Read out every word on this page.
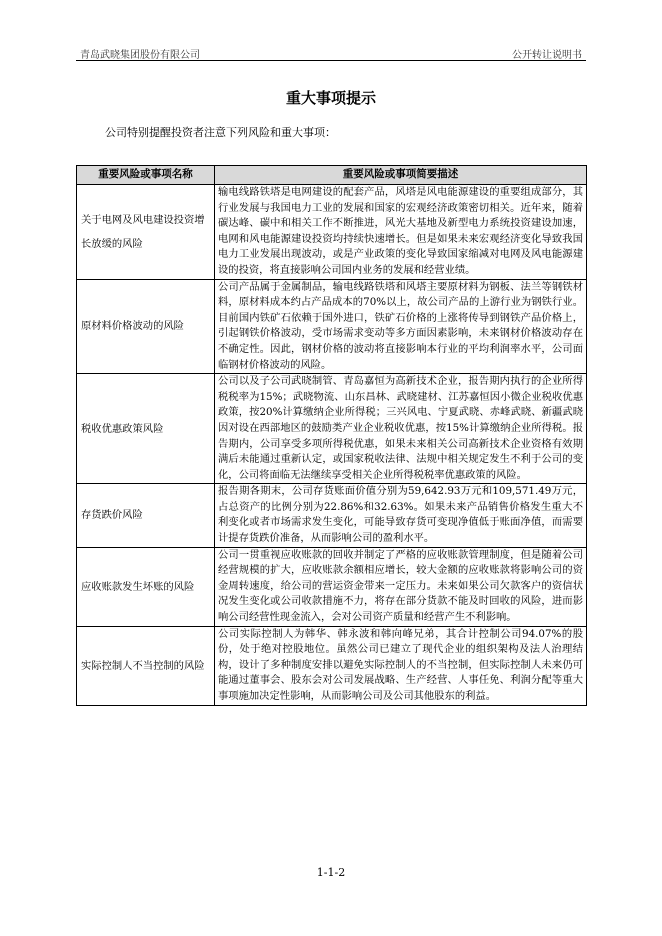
青岛武晓集团股份有限公司	公开转让说明书
重大事项提示
公司特别提醒投资者注意下列风险和重大事项：
重要风险或事项名称	重要风险或事项简要描述
关于电网及风电建设投资增长放缓的风险	输电线路铁塔是电网建设的配套产品，风塔是风电能源建设的重要组成部分，其行业发展与我国电力工业的发展和国家的宏观经济政策密切相关。近年来，随着碳达峰、碳中和相关工作不断推进，风光大基地及新型电力系统投资建设加速，电网和风电能源建设投资均持续快速增长。但是如果未来宏观经济变化导致我国电力工业发展出现波动，或是产业政策的变化导致国家缩减对电网及风电能源建设的投资，将直接影响公司国内业务的发展和经营业绩。
原材料价格波动的风险	公司产品属于金属制品，输电线路铁塔和风塔主要原材料为钢板、法兰等钢铁材料，原材料成本约占产品成本的70%以上，故公司产品的上游行业为钢铁行业。目前国内铁矿石依赖于国外进口，铁矿石价格的上涨将传导到钢铁产品价格上，引起钢铁价格波动，受市场需求变动等多方面因素影响，未来钢材价格波动存在不确定性。因此，钢材价格的波动将直接影响本行业的平均利润率水平，公司面临钢材价格波动的风险。
税收优惠政策风险	公司以及子公司武晓制管、青岛嘉恒为高新技术企业，报告期内执行的企业所得税税率为15%；武晓物流、山东昌林、武晓建材、江苏嘉恒因小微企业税收优惠政策，按20%计算缴纳企业所得税；三兴风电、宁夏武晓、赤峰武晓、新疆武晓因对设在西部地区的鼓励类产业企业税收优惠，按15%计算缴纳企业所得税。报告期内，公司享受多项所得税优惠，如果未来相关公司高新技术企业资格有效期满后未能通过重新认定，或国家税收法律、法规中相关规定发生不利于公司的变化，公司将面临无法继续享受相关企业所得税税率优惠政策的风险。
存货跌价风险	报告期各期末，公司存货账面价值分别为59,642.93万元和109,571.49万元，占总资产的比例分别为22.86%和32.63%。如果未来产品销售价格发生重大不利变化或者市场需求发生变化，可能导致存货可变现净值低于账面净值，而需要计提存货跌价准备，从而影响公司的盈利水平。
应收账款发生坏账的风险	公司一贯重视应收账款的回收并制定了严格的应收账款管理制度，但是随着公司经营规模的扩大，应收账款余额相应增长，较大金额的应收账款将影响公司的资金周转速度，给公司的营运资金带来一定压力。未来如果公司欠款客户的资信状况发生变化或公司收款措施不力，将存在部分货款不能及时回收的风险，进而影响公司经营性现金流入，会对公司资产质量和经营产生不利影响。
实际控制人不当控制的风险	公司实际控制人为韩华、韩永波和韩向峰兄弟，其合计控制公司94.07%的股份，处于绝对控股地位。虽然公司已建立了现代企业的组织架构及法人治理结构，设计了多种制度安排以避免实际控制人的不当控制，但实际控制人未来仍可能通过董事会、股东会对公司发展战略、生产经营、人事任免、利润分配等重大事项施加决定性影响，从而影响公司及公司其他股东的利益。
1-1-2
